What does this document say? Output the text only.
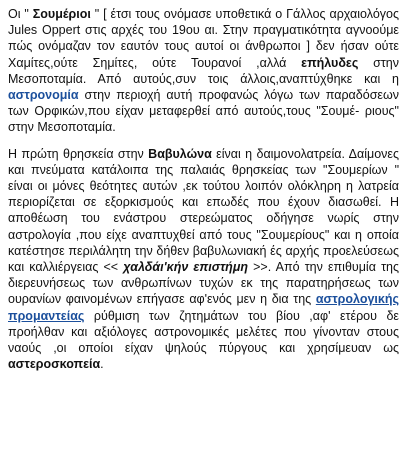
Οι " Σουμέριοι " [ έτσι τους ονόμασε υποθετικά ο Γάλλος αρχαιολόγος Jules Oppert στις αρχές του 19ου αι. Στην πραγματικότητα αγνοούμε πώς ονόμαζαν τον εαυτόν τους αυτοί οι άνθρωποι ] δεν ήσαν ούτε Χαμίτες,ούτε Σημίτες, ούτε Τουρανοί ,αλλά επήλυδες στην Μεσοποταμία. Από αυτούς,συν τοις άλλοις,αναπτύχθηκε και η αστρονομία στην περιοχή αυτή προφανώς λόγω των παραδόσεων των Ορφικών,που είχαν μεταφερθεί από αυτούς,τους "Σουμέ- ριους" στην Μεσοποταμία.

Η πρώτη θρησκεία στην Βαβυλώνα είναι η δαιμονολατρεία. Δαίμονες και πνεύματα κατάλοιπα της παλαιάς θρησκείας των "Σουμερίων " είναι οι μόνες θεότητες αυτών ,εκ τούτου λοιπόν ολόκληρη η λατρεία περιορίζεται σε εξορκισμούς και επωδές που έχουν διασωθεί. Η αποθέωση του ενάστρου στερεώματος οδήγησε νωρίς στην αστρολογία ,που είχε αναπτυχθεί από τους "Σουμερίους" και η οποία κατέστησε περιλάλητη την δήθεν βαβυλωνιακή ές αρχής προελεύσεως και καλλιέργειας << χαλδάι'κήν επιστήμη >>. Από την επιθυμία της διερευνήσεως των ανθρωπίνων τυχών εκ της παρατηρήσεως των ουρανίων φαινομένων επήγασε αφ'ενός μεν η δια της αστρολογικής προμαντείας ρύθμιση των ζητημάτων του βίου ,αφ' ετέρου δε προήλθαν και αξιόλογες αστρονομικές μελέτες που γίνονταν στους ναούς ,οι οποίοι είχαν ψηλούς πύργους και χρησίμευαν ως αστεροσκοπεία.
